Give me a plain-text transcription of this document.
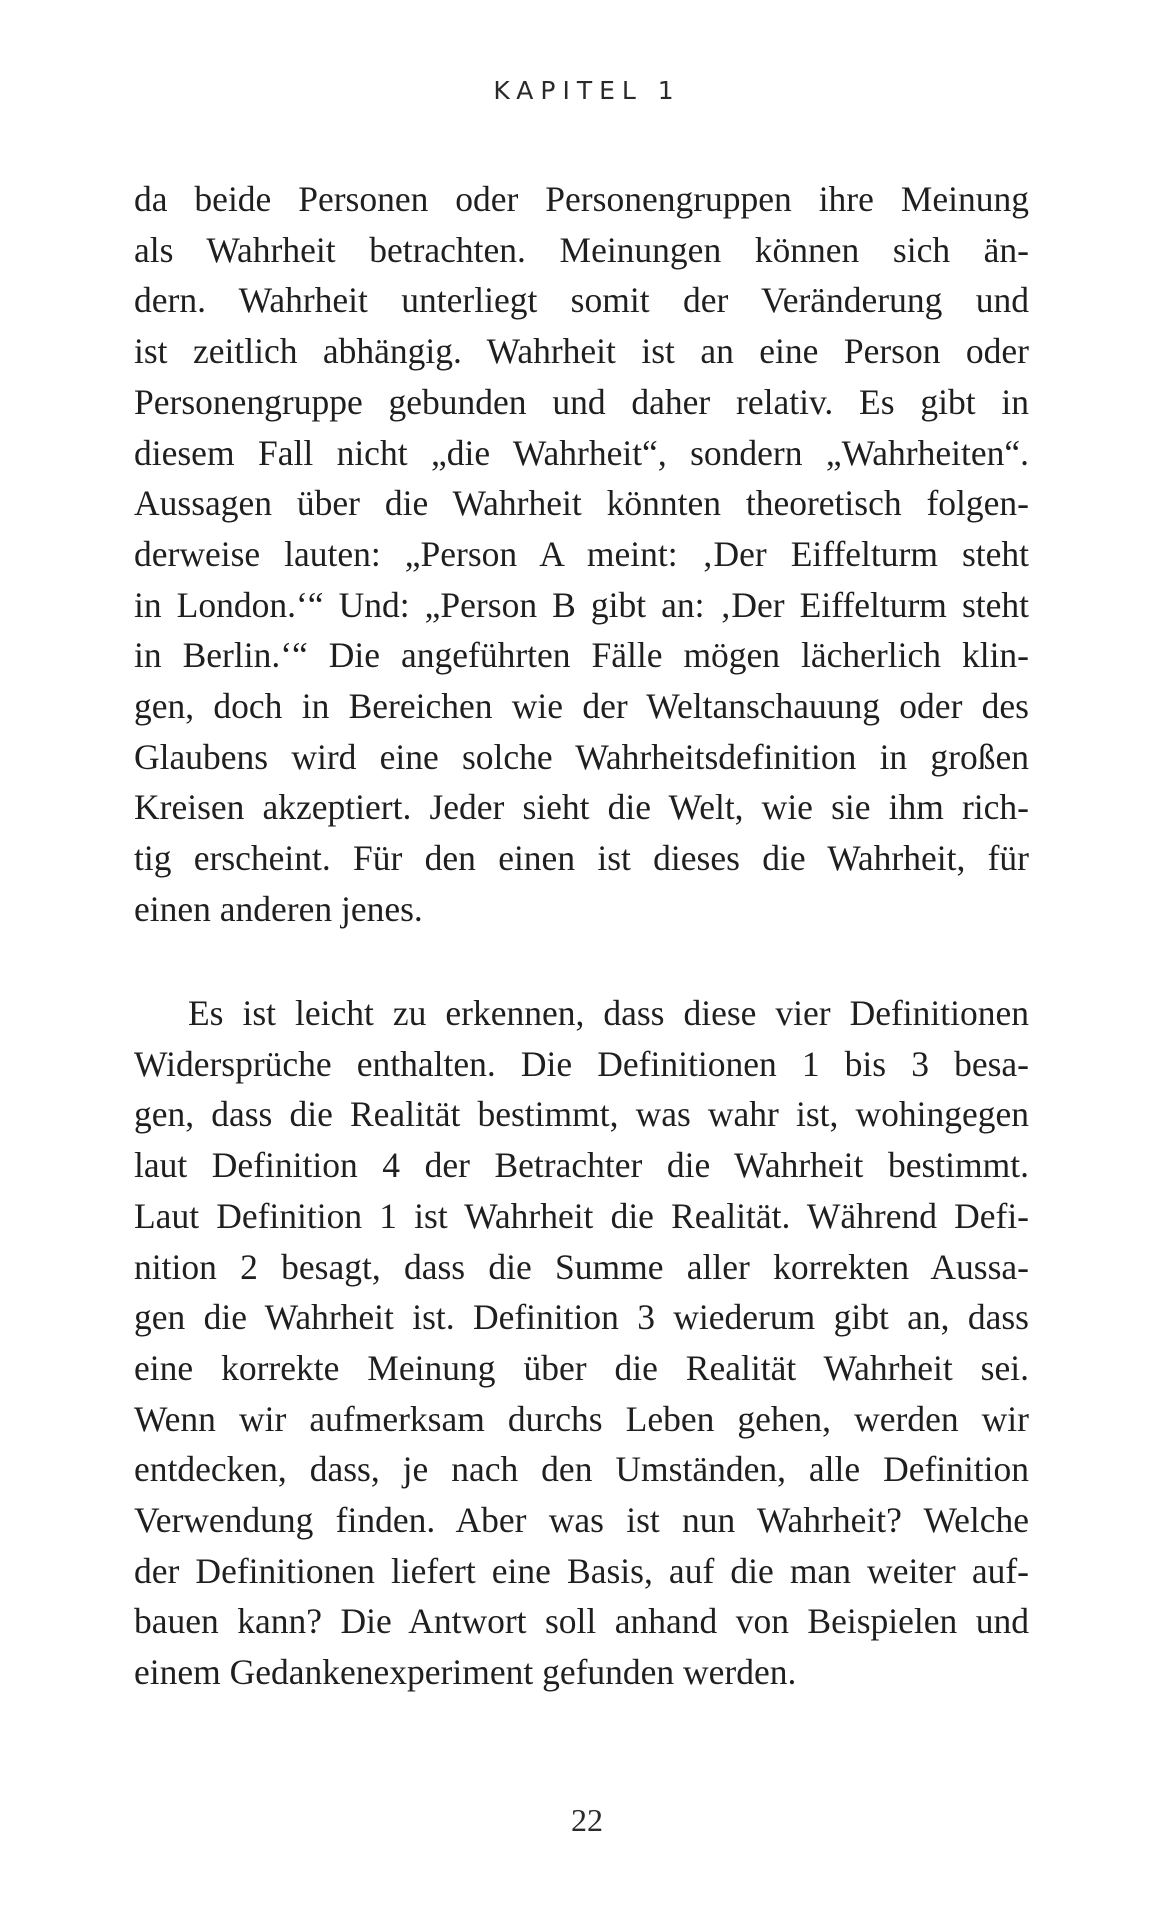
KAPITEL 1
da beide Personen oder Personengruppen ihre Meinung
als Wahrheit betrachten. Meinungen können sich än-
dern. Wahrheit unterliegt somit der Veränderung und
ist zeitlich abhängig. Wahrheit ist an eine Person oder
Personengruppe gebunden und daher relativ. Es gibt in
diesem Fall nicht „die Wahrheit“, sondern „Wahrheiten“.
Aussagen über die Wahrheit könnten theoretisch folgen-
derweise lauten: „Person A meint: ‚Der Eiffelturm steht
in London.‘“ Und: „Person B gibt an: ‚Der Eiffelturm steht
in Berlin.‘“ Die angeführten Fälle mögen lächerlich klin-
gen, doch in Bereichen wie der Weltanschauung oder des
Glaubens wird eine solche Wahrheitsdefinition in großen
Kreisen akzeptiert. Jeder sieht die Welt, wie sie ihm rich-
tig erscheint. Für den einen ist dieses die Wahrheit, für
einen anderen jenes.
Es ist leicht zu erkennen, dass diese vier Definitionen
Widersprüche enthalten. Die Definitionen 1 bis 3 besa-
gen, dass die Realität bestimmt, was wahr ist, wohingegen
laut Definition 4 der Betrachter die Wahrheit bestimmt.
Laut Definition 1 ist Wahrheit die Realität. Während Defi-
nition 2 besagt, dass die Summe aller korrekten Aussa-
gen die Wahrheit ist. Definition 3 wiederum gibt an, dass
eine korrekte Meinung über die Realität Wahrheit sei.
Wenn wir aufmerksam durchs Leben gehen, werden wir
entdecken, dass, je nach den Umständen, alle Definition
Verwendung finden. Aber was ist nun Wahrheit? Welche
der Definitionen liefert eine Basis, auf die man weiter auf-
bauen kann? Die Antwort soll anhand von Beispielen und
einem Gedankenexperiment gefunden werden.
22
